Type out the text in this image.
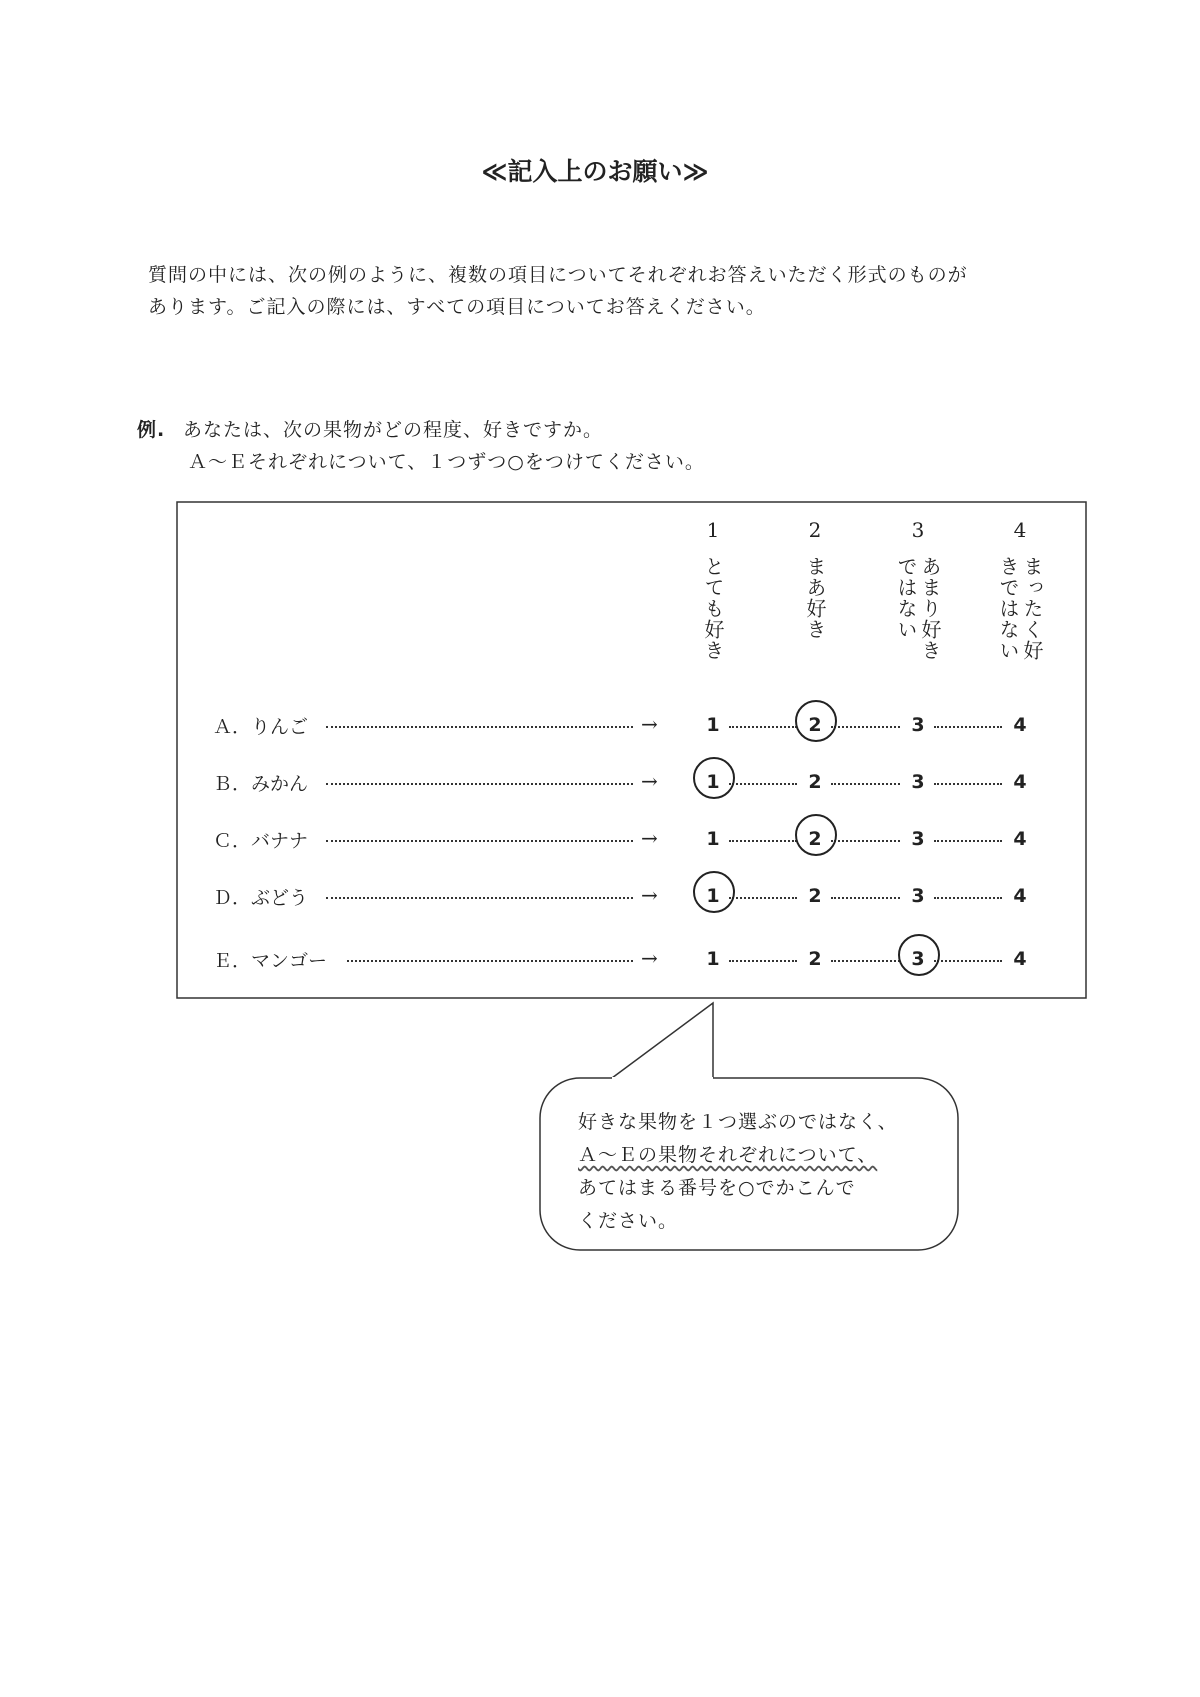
≪記入上のお願い≫
質問の中には、次の例のように、複数の項目についてそれぞれお答えいただく形式のものが
あります。ご記入の際には、すべての項目についてお答えください。
例. あなたは、次の果物がどの程度、好きですか。
Ａ～Ｅそれぞれについて、１つずつ○をつけてください。
1
とても好き
2
まあ好き
3
あまり好きではない
4
まったく好きではない
Ａ．りんご	→	1	2	3	4
Ｂ．みかん	→	1	2	3	4
Ｃ．バナナ	→	1	2	3	4
Ｄ．ぶどう	→	1	2	3	4
Ｅ．マンゴー	→	1	2	3	4
好きな果物を１つ選ぶのではなく、
Ａ～Ｅの果物それぞれについて、
あてはまる番号を○でかこんで
ください。
